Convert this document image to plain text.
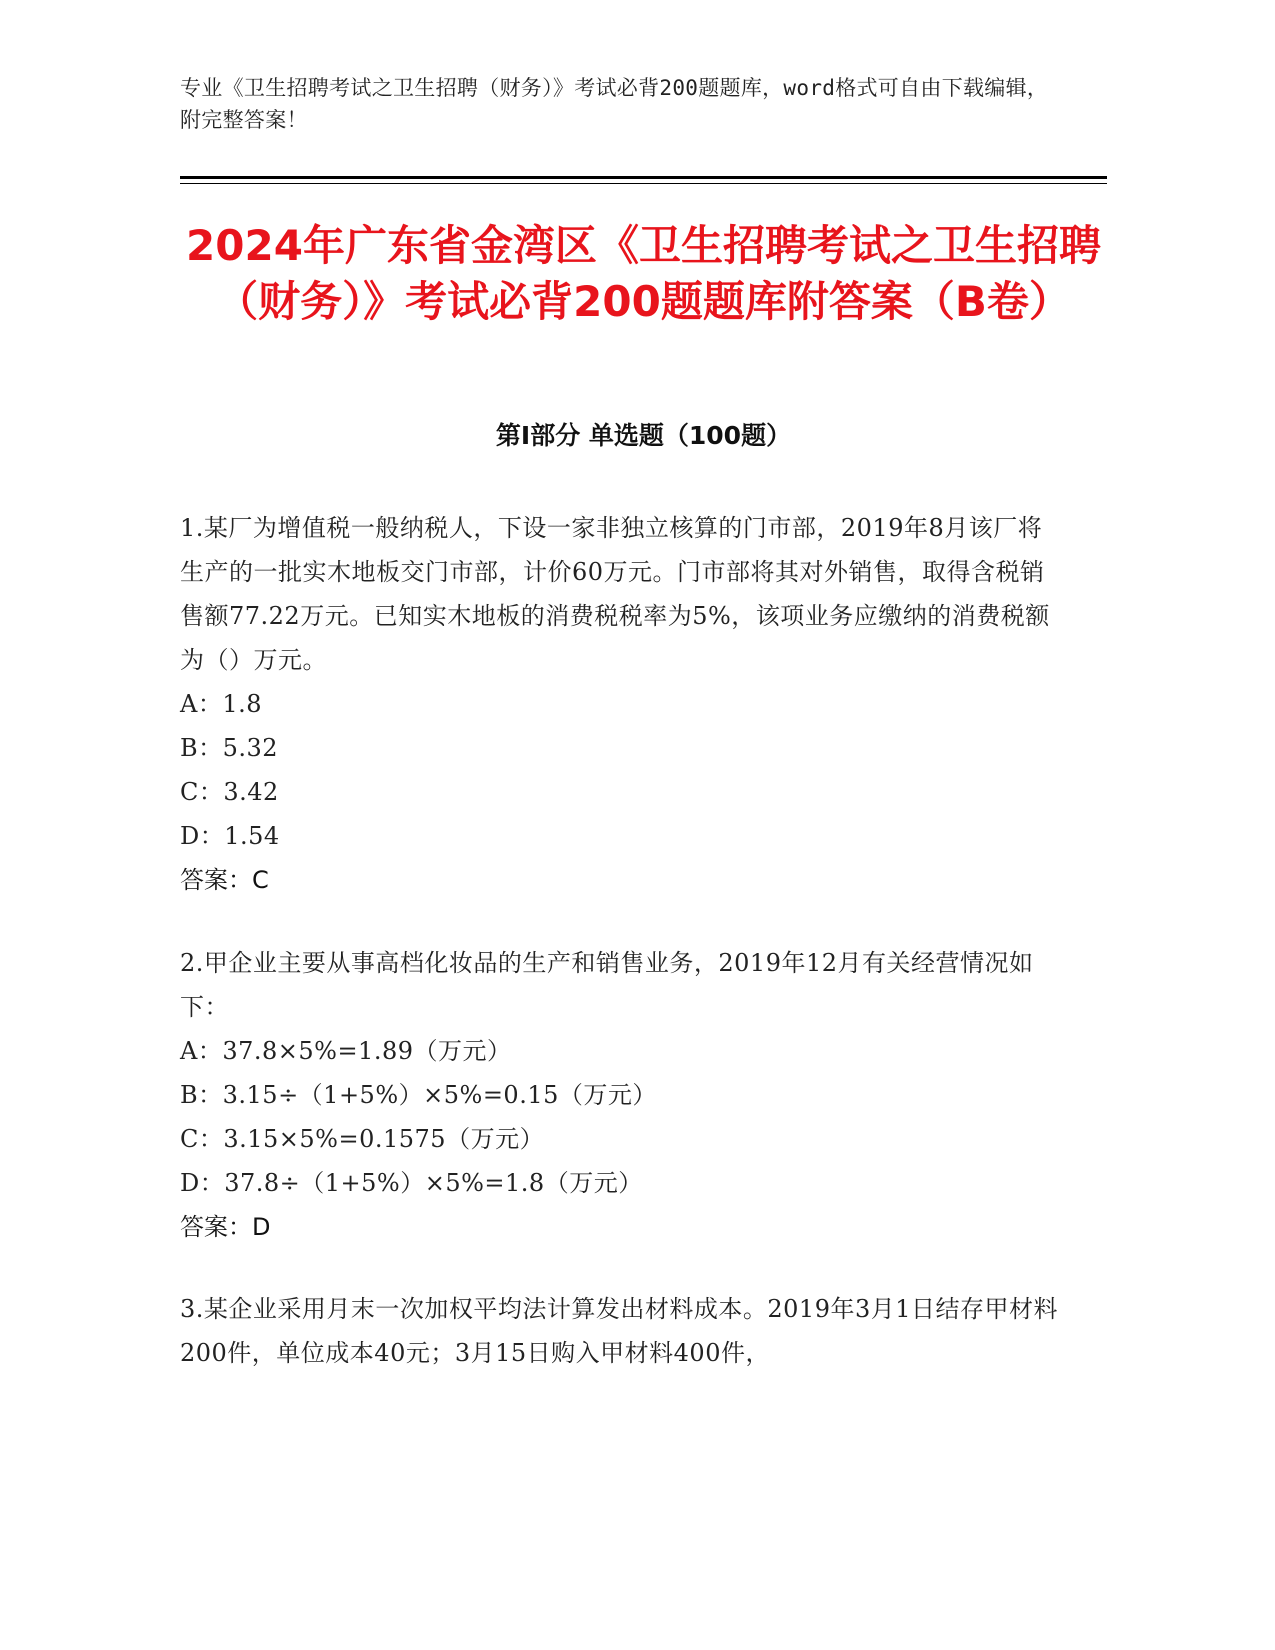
专业《卫生招聘考试之卫生招聘（财务）》考试必背200题题库，word格式可自由下载编辑，附完整答案！
2024年广东省金湾区《卫生招聘考试之卫生招聘（财务）》考试必背200题题库附答案（B卷）
第I部分 单选题（100题）
1.某厂为增值税一般纳税人，下设一家非独立核算的门市部，2019年8月该厂将生产的一批实木地板交门市部，计价60万元。门市部将其对外销售，取得含税销售额77.22万元。已知实木地板的消费税税率为5%，该项业务应缴纳的消费税额为（）万元。
A：1.8
B：5.32
C：3.42
D：1.54
答案：C
2.甲企业主要从事高档化妆品的生产和销售业务，2019年12月有关经营情况如下：
A：37.8×5%=1.89（万元）
B：3.15÷（1+5%）×5%=0.15（万元）
C：3.15×5%=0.1575（万元）
D：37.8÷（1+5%）×5%=1.8（万元）
答案：D
3.某企业采用月末一次加权平均法计算发出材料成本。2019年3月1日结存甲材料200件，单位成本40元；3月15日购入甲材料400件，
